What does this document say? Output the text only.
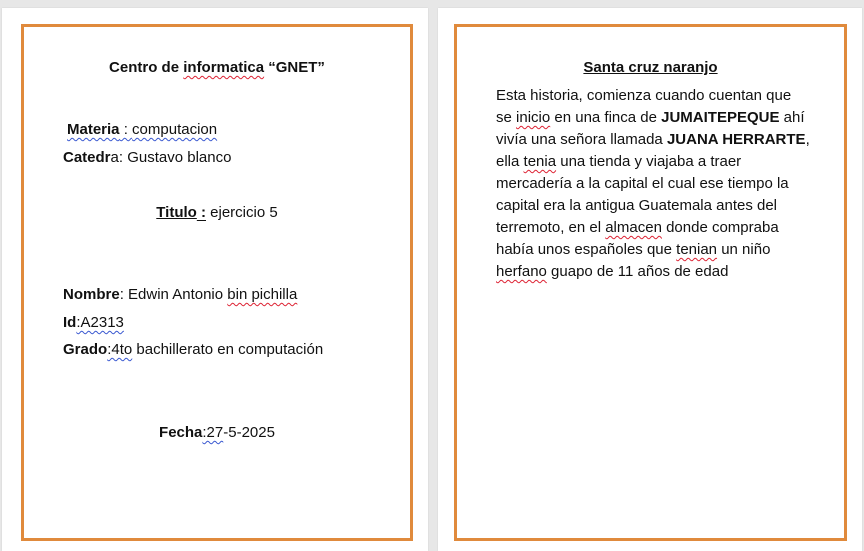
Centro de informatica “GNET”
Materia : computacion
Catedra: Gustavo blanco
Titulo : ejercicio 5
Nombre: Edwin Antonio bin pichilla
Id:A2313
Grado:4to bachillerato en computación
Fecha:27-5-2025
Santa cruz naranjo

Esta historia, comienza cuando cuentan que

se inicio en una finca de JUMAITEPEQUE ahí

vivía una señora llamada JUANA HERRARTE,

ella tenia una tienda y viajaba a traer

mercadería a la capital el cual ese tiempo la

capital era la antigua Guatemala antes del

terremoto, en el almacen donde compraba

había unos españoles que tenian un niño

herfano guapo de 11 años de edad
